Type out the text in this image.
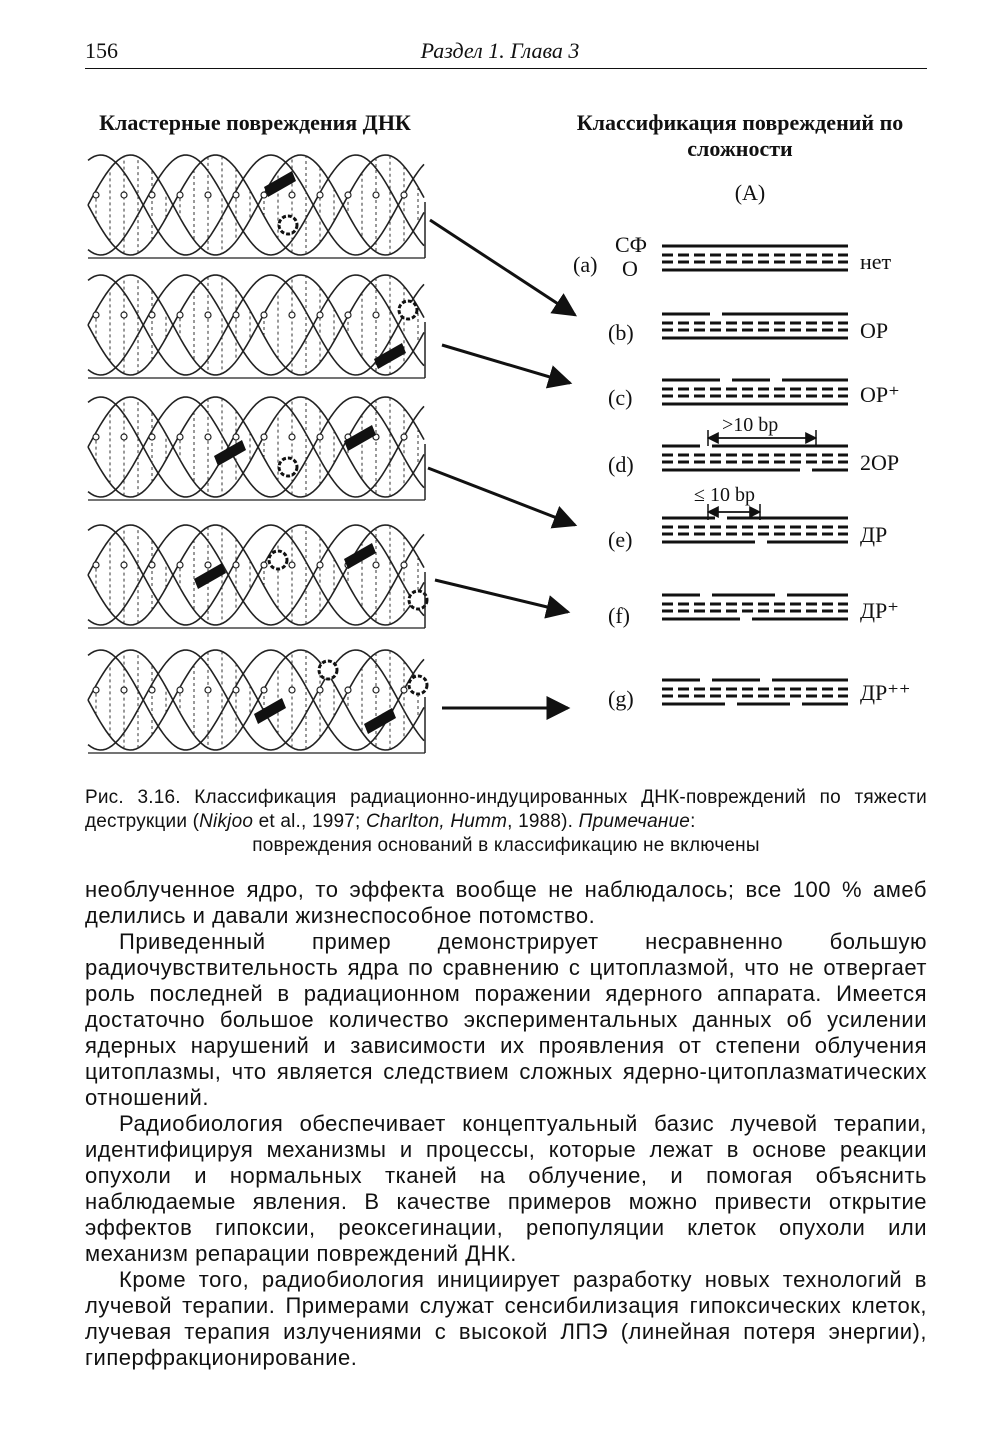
156	Раздел 1. Глава 3
Кластерные повреждения ДНК	Классификация повреждений по сложности
(A)
СФ
О
(a)
(b)
(c)
(d)
(e)
(f)
(g)
нет
ОР
ОР⁺
2ОР
ДР
ДР⁺
ДР⁺⁺
>10 bp
≤ 10 bp
Рис. 3.16. Классификация радиационно-индуцированных ДНК-повреждений по тяжести деструкции (Nikjoo et al., 1997; Charlton, Humm, 1988). Примечание:
повреждения оснований в классификацию не включены

необлученное ядро, то эффекта вообще не наблюдалось; все 100 % амеб делились и давали жизнеспособное потомство.

Приведенный пример демонстрирует несравненно большую радиочувствительность ядра по сравнению с цитоплазмой, что не отвергает роль последней в радиационном поражении ядерного аппарата. Имеется достаточно большое количество экспериментальных данных об усилении ядерных нарушений и зависимости их проявления от степени облучения цитоплазмы, что является следствием сложных ядерно-цитоплазматических отношений.

Радиобиология обеспечивает концептуальный базис лучевой терапии, идентифицируя механизмы и процессы, которые лежат в основе реакции опухоли и нормальных тканей на облучение, и помогая объяснить наблюдаемые явления. В качестве примеров можно привести открытие эффектов гипоксии, реоксегинации, репопуляции клеток опухоли или механизм репарации повреждений ДНК.

Кроме того, радиобиология инициирует разработку новых технологий в лучевой терапии. Примерами служат сенсибилизация гипоксических клеток, лучевая терапия излучениями с высокой ЛПЭ (линейная потеря энергии), гиперфракционирование.
